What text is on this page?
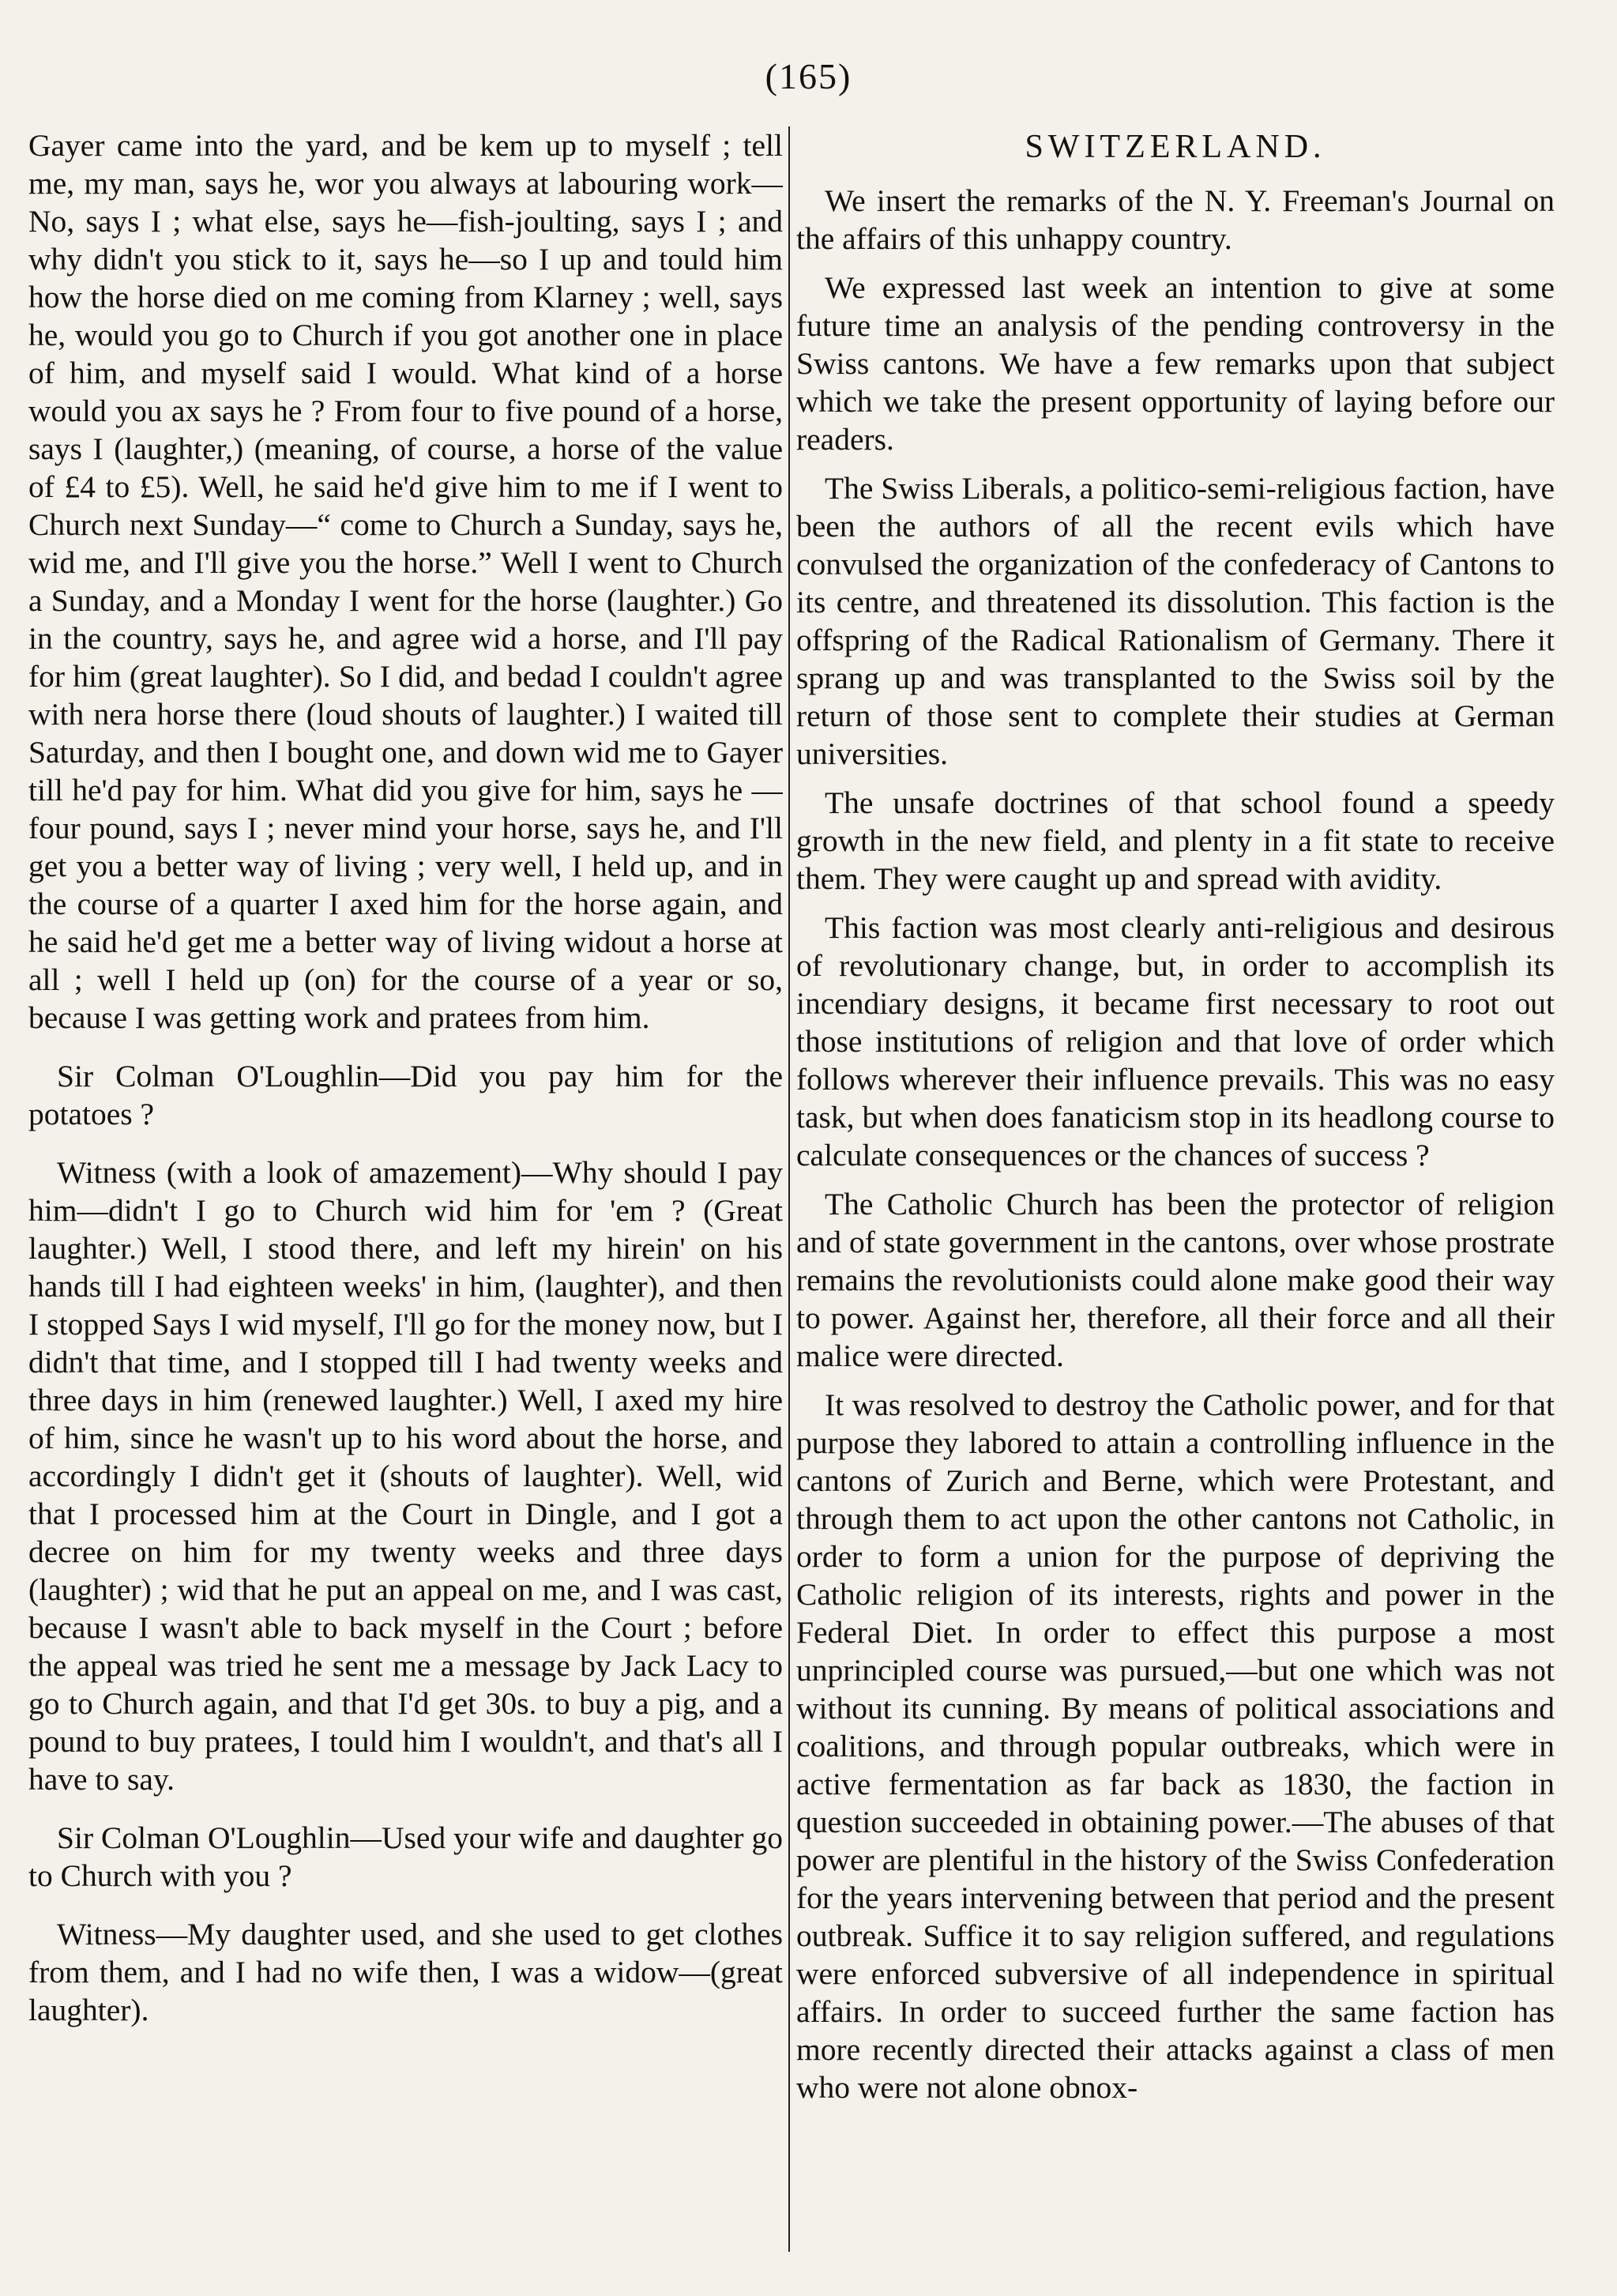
(165)

Gayer came into the yard, and be kem up to myself ; tell me, my man, says he, wor you always at labouring work—No, says I ; what else, says he—fish-joulting, says I ; and why didn't you stick to it, says he—so I up and tould him how the horse died on me coming from Klarney ; well, says he, would you go to Church if you got another one in place of him, and myself said I would. What kind of a horse would you ax says he ? From four to five pound of a horse, says I (laughter,) (meaning, of course, a horse of the value of £4 to £5). Well, he said he'd give him to me if I went to Church next Sunday—“ come to Church a Sunday, says he, wid me, and I'll give you the horse.” Well I went to Church a Sunday, and a Monday I went for the horse (laughter.) Go in the country, says he, and agree wid a horse, and I'll pay for him (great laughter). So I did, and bedad I couldn't agree with nera horse there (loud shouts of laughter.) I waited till Saturday, and then I bought one, and down wid me to Gayer till he'd pay for him. What did you give for him, says he —four pound, says I ; never mind your horse, says he, and I'll get you a better way of living ; very well, I held up, and in the course of a quarter I axed him for the horse again, and he said he'd get me a better way of living widout a horse at all ; well I held up (on) for the course of a year or so, because I was getting work and pratees from him.

Sir Colman O'Loughlin—Did you pay him for the potatoes ?

Witness (with a look of amazement)—Why should I pay him—didn't I go to Church wid him for 'em ? (Great laughter.) Well, I stood there, and left my hirein' on his hands till I had eighteen weeks' in him, (laughter), and then I stopped Says I wid myself, I'll go for the money now, but I didn't that time, and I stopped till I had twenty weeks and three days in him (renewed laughter.) Well, I axed my hire of him, since he wasn't up to his word about the horse, and accordingly I didn't get it (shouts of laughter). Well, wid that I processed him at the Court in Dingle, and I got a decree on him for my twenty weeks and three days (laughter) ; wid that he put an appeal on me, and I was cast, because I wasn't able to back myself in the Court ; before the appeal was tried he sent me a message by Jack Lacy to go to Church again, and that I'd get 30s. to buy a pig, and a pound to buy pratees, I tould him I wouldn't, and that's all I have to say.

Sir Colman O'Loughlin—Used your wife and daughter go to Church with you ?

Witness—My daughter used, and she used to get clothes from them, and I had no wife then, I was a widow—(great laughter).

SWITZERLAND.

We insert the remarks of the N. Y. Freeman's Journal on the affairs of this unhappy country.

We expressed last week an intention to give at some future time an analysis of the pending controversy in the Swiss cantons. We have a few remarks upon that subject which we take the present opportunity of laying before our readers.

The Swiss Liberals, a politico-semi-religious faction, have been the authors of all the recent evils which have convulsed the organization of the confederacy of Cantons to its centre, and threatened its dissolution. This faction is the offspring of the Radical Rationalism of Germany. There it sprang up and was transplanted to the Swiss soil by the return of those sent to complete their studies at German universities.

The unsafe doctrines of that school found a speedy growth in the new field, and plenty in a fit state to receive them. They were caught up and spread with avidity.

This faction was most clearly anti-religious and desirous of revolutionary change, but, in order to accomplish its incendiary designs, it became first necessary to root out those institutions of religion and that love of order which follows wherever their influence prevails. This was no easy task, but when does fanaticism stop in its headlong course to calculate consequences or the chances of success ?

The Catholic Church has been the protector of religion and of state government in the cantons, over whose prostrate remains the revolutionists could alone make good their way to power. Against her, therefore, all their force and all their malice were directed.

It was resolved to destroy the Catholic power, and for that purpose they labored to attain a controlling influence in the cantons of Zurich and Berne, which were Protestant, and through them to act upon the other cantons not Catholic, in order to form a union for the purpose of depriving the Catholic religion of its interests, rights and power in the Federal Diet. In order to effect this purpose a most unprincipled course was pursued,—but one which was not without its cunning. By means of political associations and coalitions, and through popular outbreaks, which were in active fermentation as far back as 1830, the faction in question succeeded in obtaining power.—The abuses of that power are plentiful in the history of the Swiss Confederation for the years intervening between that period and the present outbreak. Suffice it to say religion suffered, and regulations were enforced subversive of all independence in spiritual affairs. In order to succeed further the same faction has more recently directed their attacks against a class of men who were not alone obnox-
